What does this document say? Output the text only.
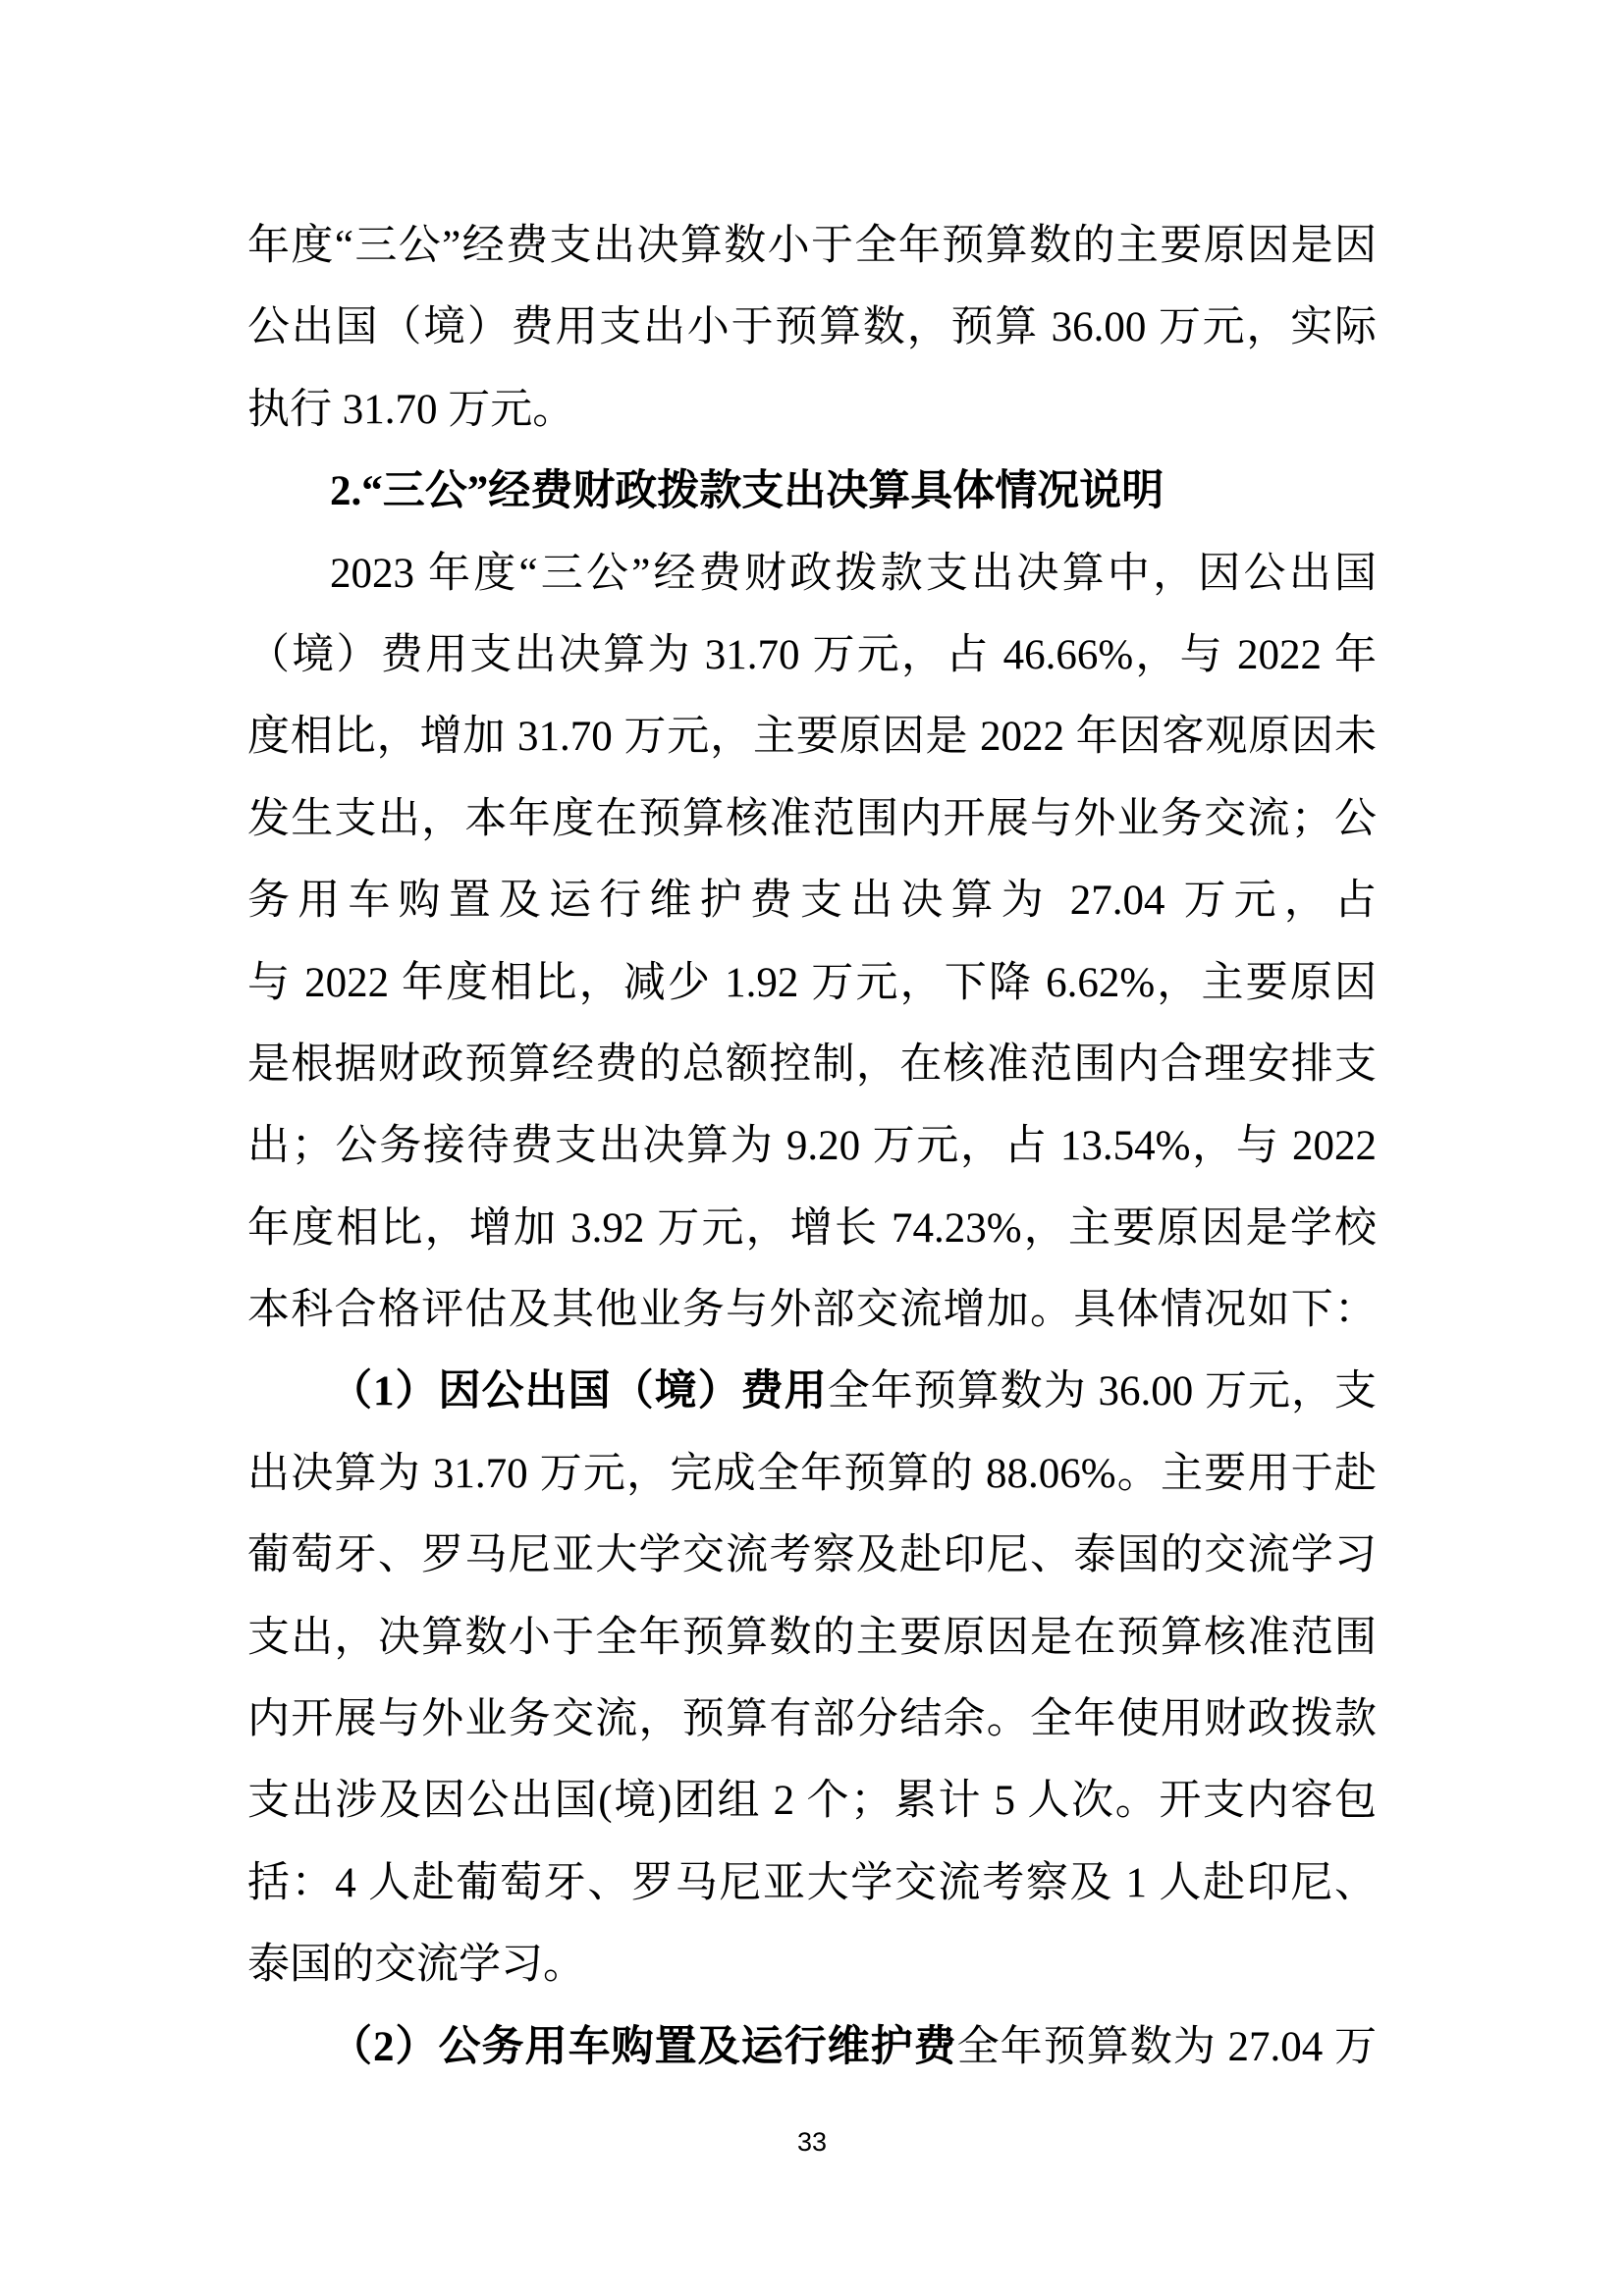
年度“三公”经费支出决算数小于全年预算数的主要原因是因
公出国（境）费用支出小于预算数，预算 36.00 万元，实际
执行 31.70 万元。
2.“三公”经费财政拨款支出决算具体情况说明
2023 年度“三公”经费财政拨款支出决算中，因公出国
（境）费用支出决算为 31.70 万元，占 46.66%，与 2022 年
度相比，增加 31.70 万元，主要原因是 2022 年因客观原因未
发生支出，本年度在预算核准范围内开展与外业务交流；公
务用车购置及运行维护费支出决算为 27.04 万元，占
与 2022 年度相比，减少 1.92 万元，下降 6.62%，主要原因
是根据财政预算经费的总额控制，在核准范围内合理安排支
出；公务接待费支出决算为 9.20 万元，占 13.54%，与 2022
年度相比，增加 3.92 万元，增长 74.23%，主要原因是学校
本科合格评估及其他业务与外部交流增加。具体情况如下：
（1）因公出国（境）费用全年预算数为 36.00 万元，支
出决算为 31.70 万元，完成全年预算的 88.06%。主要用于赴
葡萄牙、罗马尼亚大学交流考察及赴印尼、泰国的交流学习
支出，决算数小于全年预算数的主要原因是在预算核准范围
内开展与外业务交流，预算有部分结余。全年使用财政拨款
支出涉及因公出国(境)团组 2 个；累计 5 人次。开支内容包
括：4 人赴葡萄牙、罗马尼亚大学交流考察及 1 人赴印尼、
泰国的交流学习。
（2）公务用车购置及运行维护费全年预算数为 27.04 万
33
